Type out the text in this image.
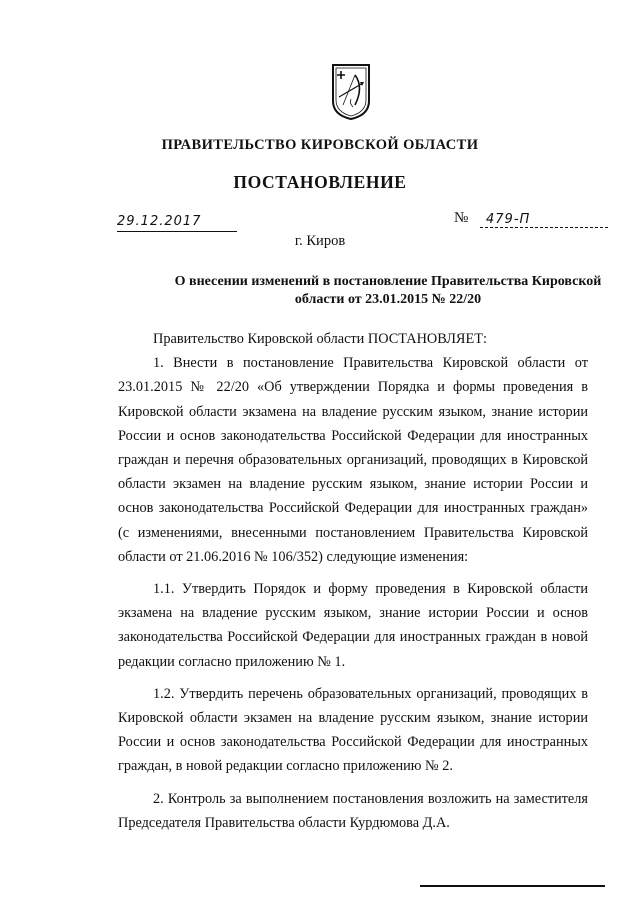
ПРАВИТЕЛЬСТВО КИРОВСКОЙ ОБЛАСТИ
ПОСТАНОВЛЕНИЕ
29.12.2017	№	479-П
г. Киров
О внесении изменений в постановление Правительства Кировской области от 23.01.2015 № 22/20

Правительство Кировской области ПОСТАНОВЛЯЕТ:

1. Внести в постановление Правительства Кировской области от 23.01.2015 № 22/20 «Об утверждении Порядка и формы проведения в Кировской области экзамена на владение русским языком, знание истории России и основ законодательства Российской Федерации для иностранных граждан и перечня образовательных организаций, проводящих в Кировской области экзамен на владение русским языком, знание истории России и основ законодательства Российской Федерации для иностранных граждан» (с изменениями, внесенными постановлением Правительства Кировской области от 21.06.2016 № 106/352) следующие изменения:

1.1. Утвердить Порядок и форму проведения в Кировской области экзамена на владение русским языком, знание истории России и основ законодательства Российской Федерации для иностранных граждан в новой редакции согласно приложению № 1.

1.2. Утвердить перечень образовательных организаций, проводящих в Кировской области экзамен на владение русским языком, знание истории России и основ законодательства Российской Федерации для иностранных граждан, в новой редакции согласно приложению № 2.

2. Контроль за выполнением постановления возложить на заместителя Председателя Правительства области Курдюмова Д.А.
